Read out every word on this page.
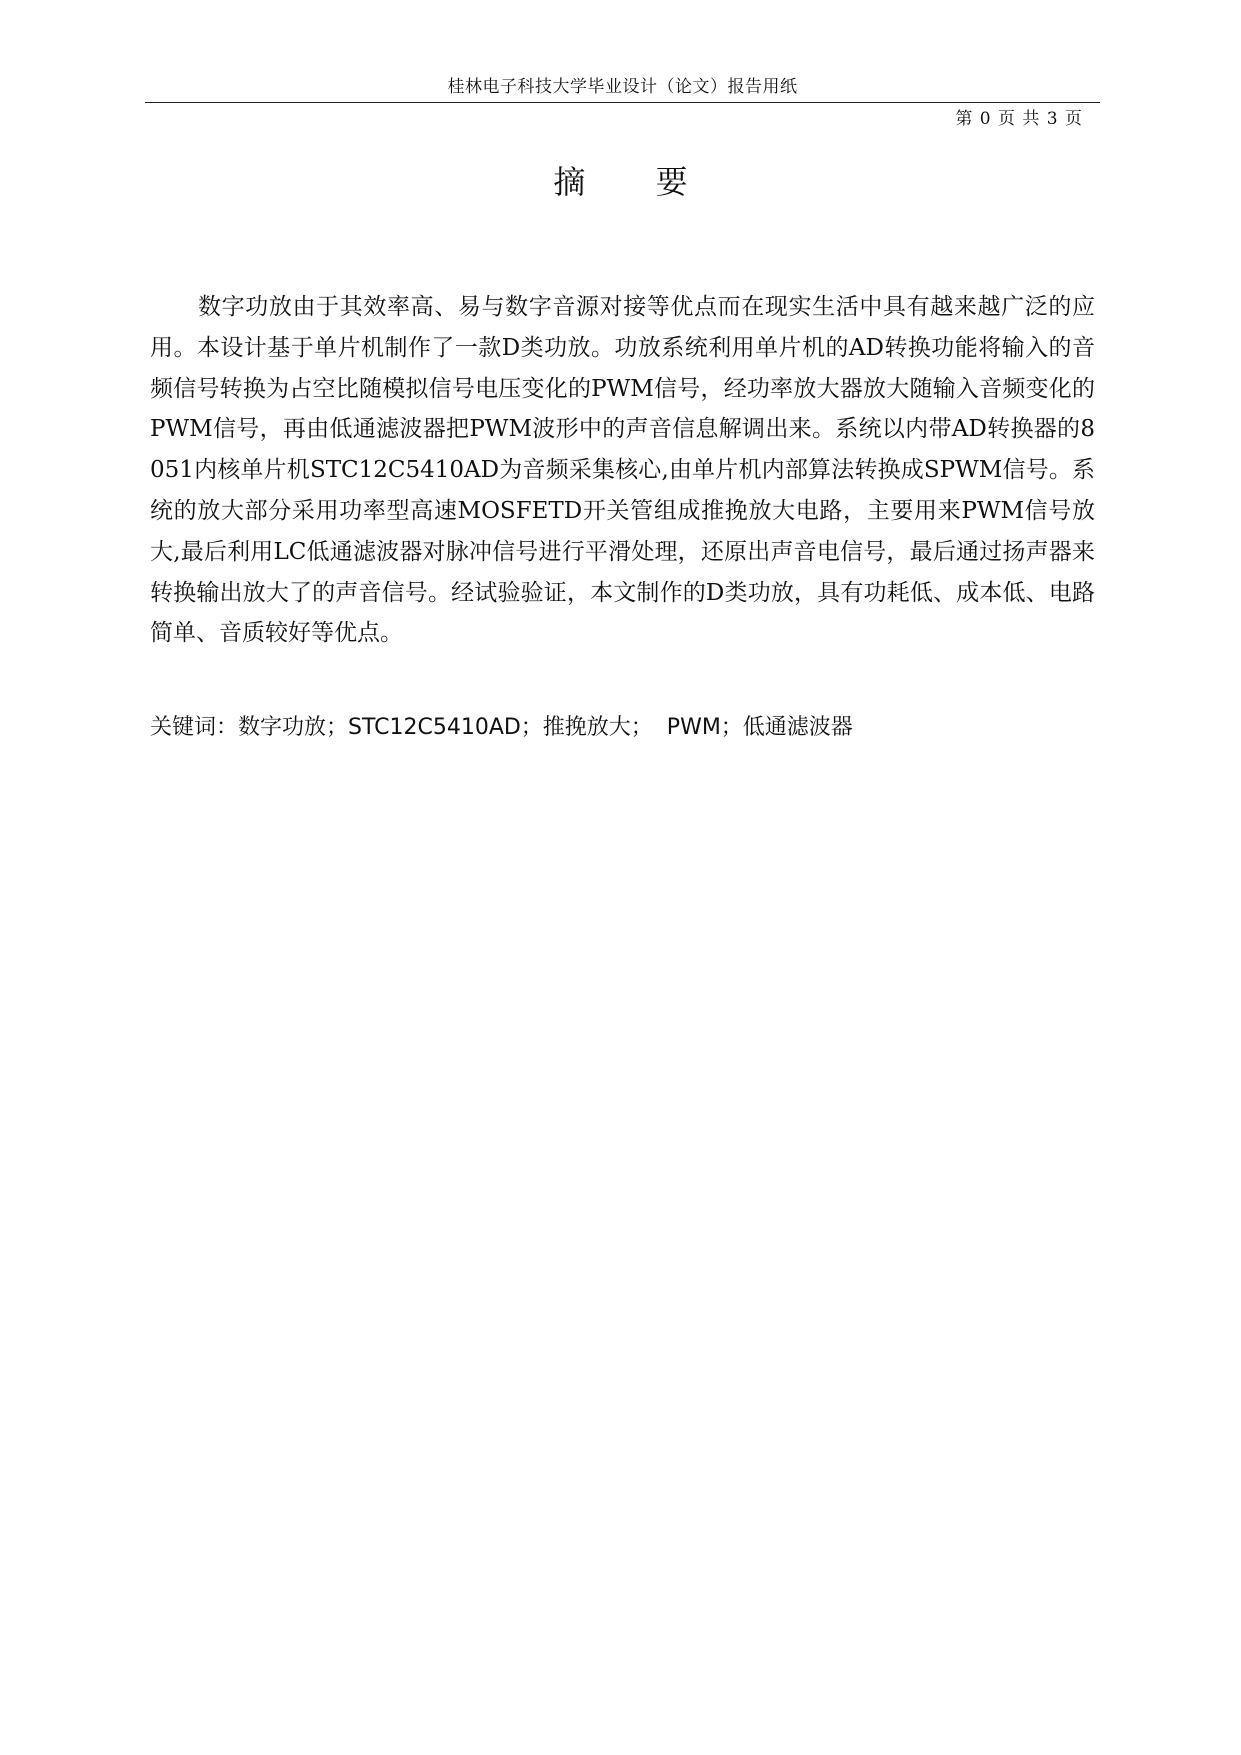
桂林电子科技大学毕业设计（论文）报告用纸
第 0 页 共 3 页
摘 要

数字功放由于其效率高、易与数字音源对接等优点而在现实生活中具有越来越广泛的应用。本设计基于单片机制作了一款D类功放。功放系统利用单片机的AD转换功能将输入的音频信号转换为占空比随模拟信号电压变化的PWM信号，经功率放大器放大随输入音频变化的PWM信号，再由低通滤波器把PWM波形中的声音信息解调出来。系统以内带AD转换器的8051内核单片机STC12C5410AD为音频采集核心,由单片机内部算法转换成SPWM信号。系统的放大部分采用功率型高速MOSFETD开关管组成推挽放大电路，主要用来PWM信号放大,最后利用LC低通滤波器对脉冲信号进行平滑处理，还原出声音电信号，最后通过扬声器来转换输出放大了的声音信号。经试验验证，本文制作的D类功放，具有功耗低、成本低、电路简单、音质较好等优点。

关键词：数字功放；STC12C5410AD；推挽放大；  PWM；低通滤波器
